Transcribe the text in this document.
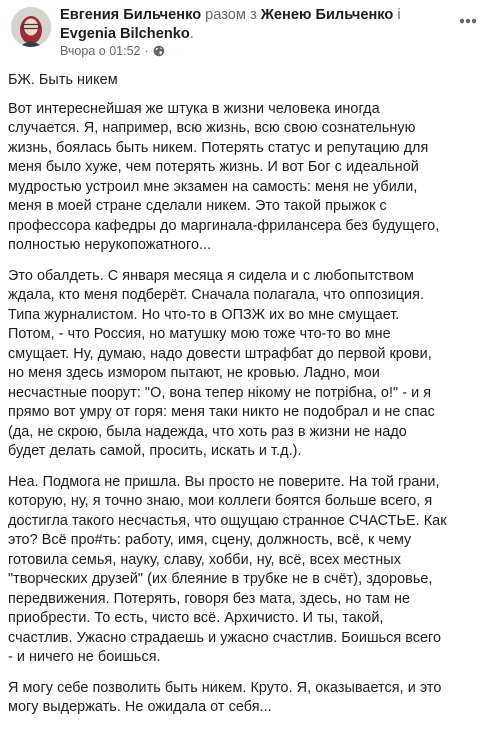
Евгения Бильченко разом з Женею Бильченко і Evgenia Bilchenko.
Вчора о 01:52 ·

БЖ. Быть никем

Вот интереснейшая же штука в жизни человека иногда
случается. Я, например, всю жизнь, всю свою сознательную
жизнь, боялась быть никем. Потерять статус и репутацию для
меня было хуже, чем потерять жизнь. И вот Бог с идеальной
мудростью устроил мне экзамен на самость: меня не убили,
меня в моей стране сделали никем. Это такой прыжок с
профессора кафедры до маргинала-фрилансера без будущего,
полностью нерукопожатного...

Это обалдеть. С января месяца я сидела и с любопытством
ждала, кто меня подберёт. Сначала полагала, что оппозиция.
Типа журналистом. Но что-то в ОПЗЖ их во мне смущает.
Потом, - что Россия, но матушку мою тоже что-то во мне
смущает. Ну, думаю, надо довести штрафбат до первой крови,
но меня здесь измором пытают, не кровью. Ладно, мои
несчастные поорут: "О, вона тепер нікому не потрібна, о!" - и я
прямо вот умру от горя: меня таки никто не подобрал и не спас
(да, не скрою, была надежда, что хоть раз в жизни не надо
будет делать самой, просить, искать и т.д.).

Неа. Подмога не пришла. Вы просто не поверите. На той грани,
которую, ну, я точно знаю, мои коллеги боятся больше всего, я
достигла такого несчастья, что ощущаю странное СЧАСТЬЕ. Как
это? Всё про#ть: работу, имя, сцену, должность, всё, к чему
готовила семья, науку, славу, хобби, ну, всё, всех местных
"творческих друзей" (их блеяние в трубке не в счёт), здоровье,
передвижения. Потерять, говоря без мата, здесь, но там не
приобрести. То есть, чисто всё. Архичисто. И ты, такой,
счастлив. Ужасно страдаешь и ужасно счастлив. Боишься всего
- и ничего не боишься.

Я могу себе позволить быть никем. Круто. Я, оказывается, и это
могу выдержать. Не ожидала от себя...
